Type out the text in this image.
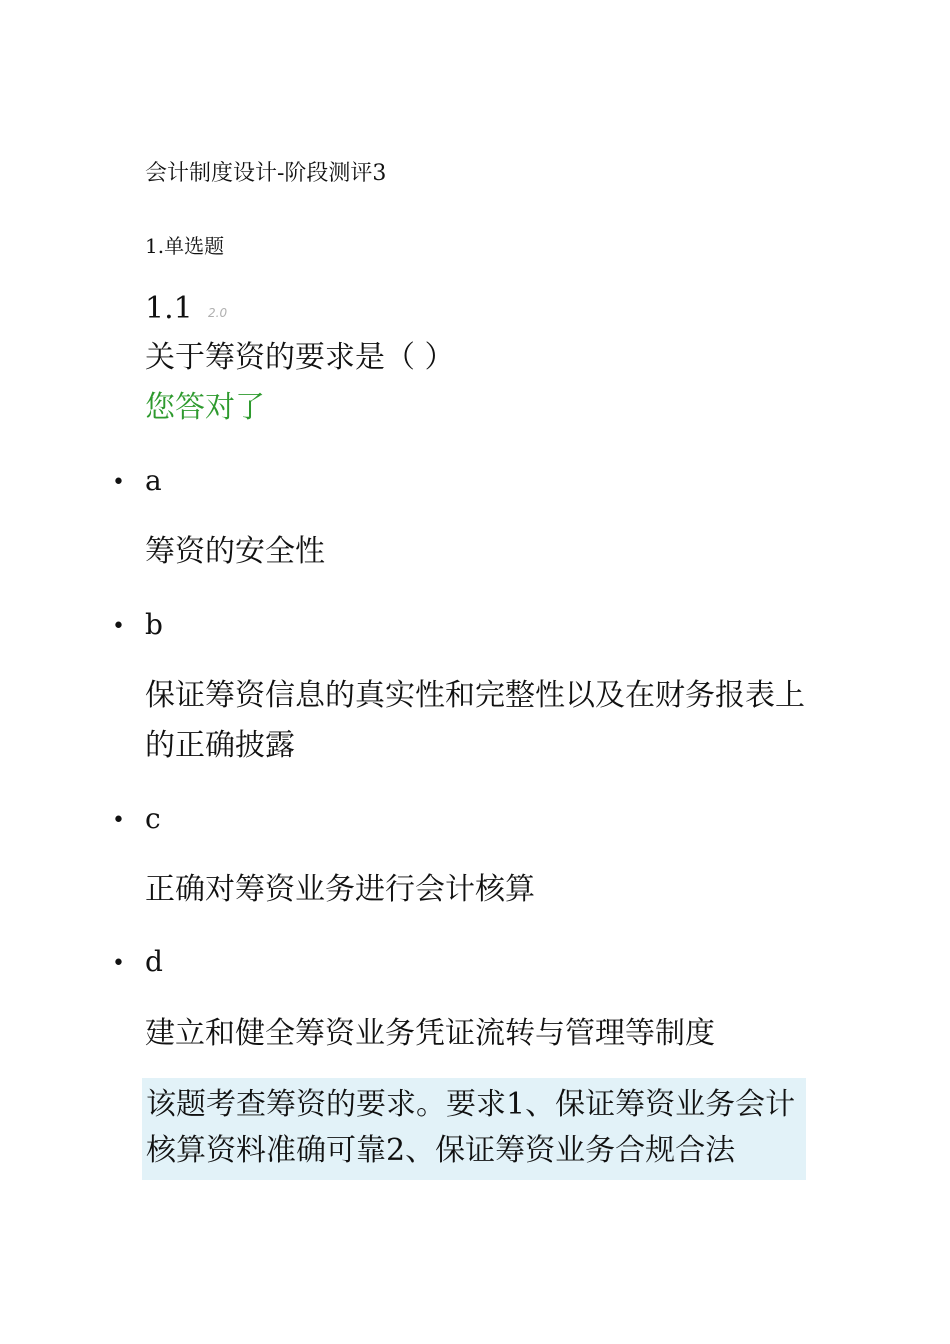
会计制度设计-阶段测评3
1.单选题
1.1 2.0
关于筹资的要求是（ ）
您答对了
• a
筹资的安全性
• b
保证筹资信息的真实性和完整性以及在财务报表上的正确披露
• c
正确对筹资业务进行会计核算
• d
建立和健全筹资业务凭证流转与管理等制度
该题考查筹资的要求。要求1、保证筹资业务会计核算资料准确可靠2、保证筹资业务合规合法
